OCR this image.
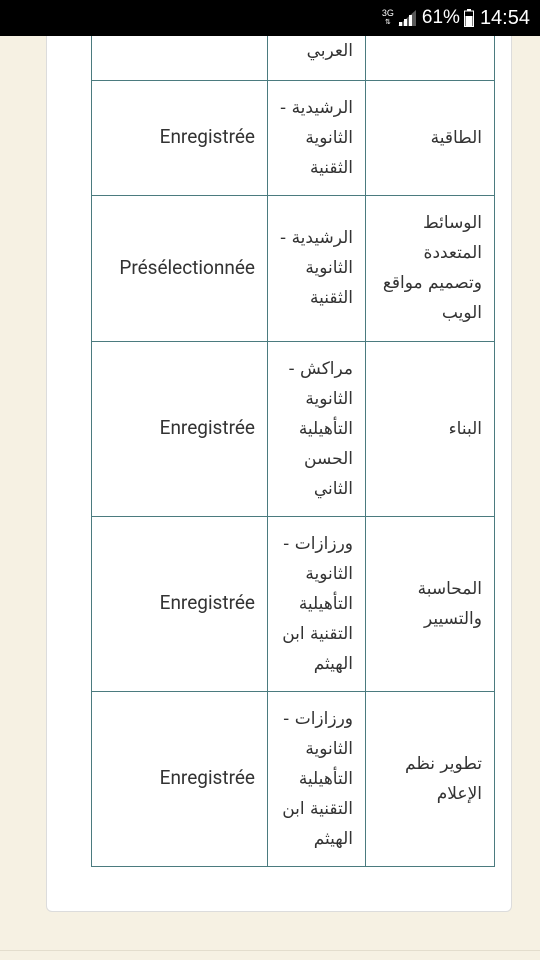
3G
⇅ 61% 14:54
	العربي	
Enregistrée	الرشيدية - الثانوية الثقنية	الطاقية
Présélectionnée	الرشيدية - الثانوية الثقنية	الوسائط المتعددة وتصميم مواقع الويب
Enregistrée	مراكش - الثانوية التأهيلية الحسن الثاني	البناء
Enregistrée	ورزازات - الثانوية التأهيلية التقنية ابن الهيثم	المحاسبة والتسيير
Enregistrée	ورزازات - الثانوية التأهيلية التقنية ابن الهيثم	تطوير نظم الإعلام
